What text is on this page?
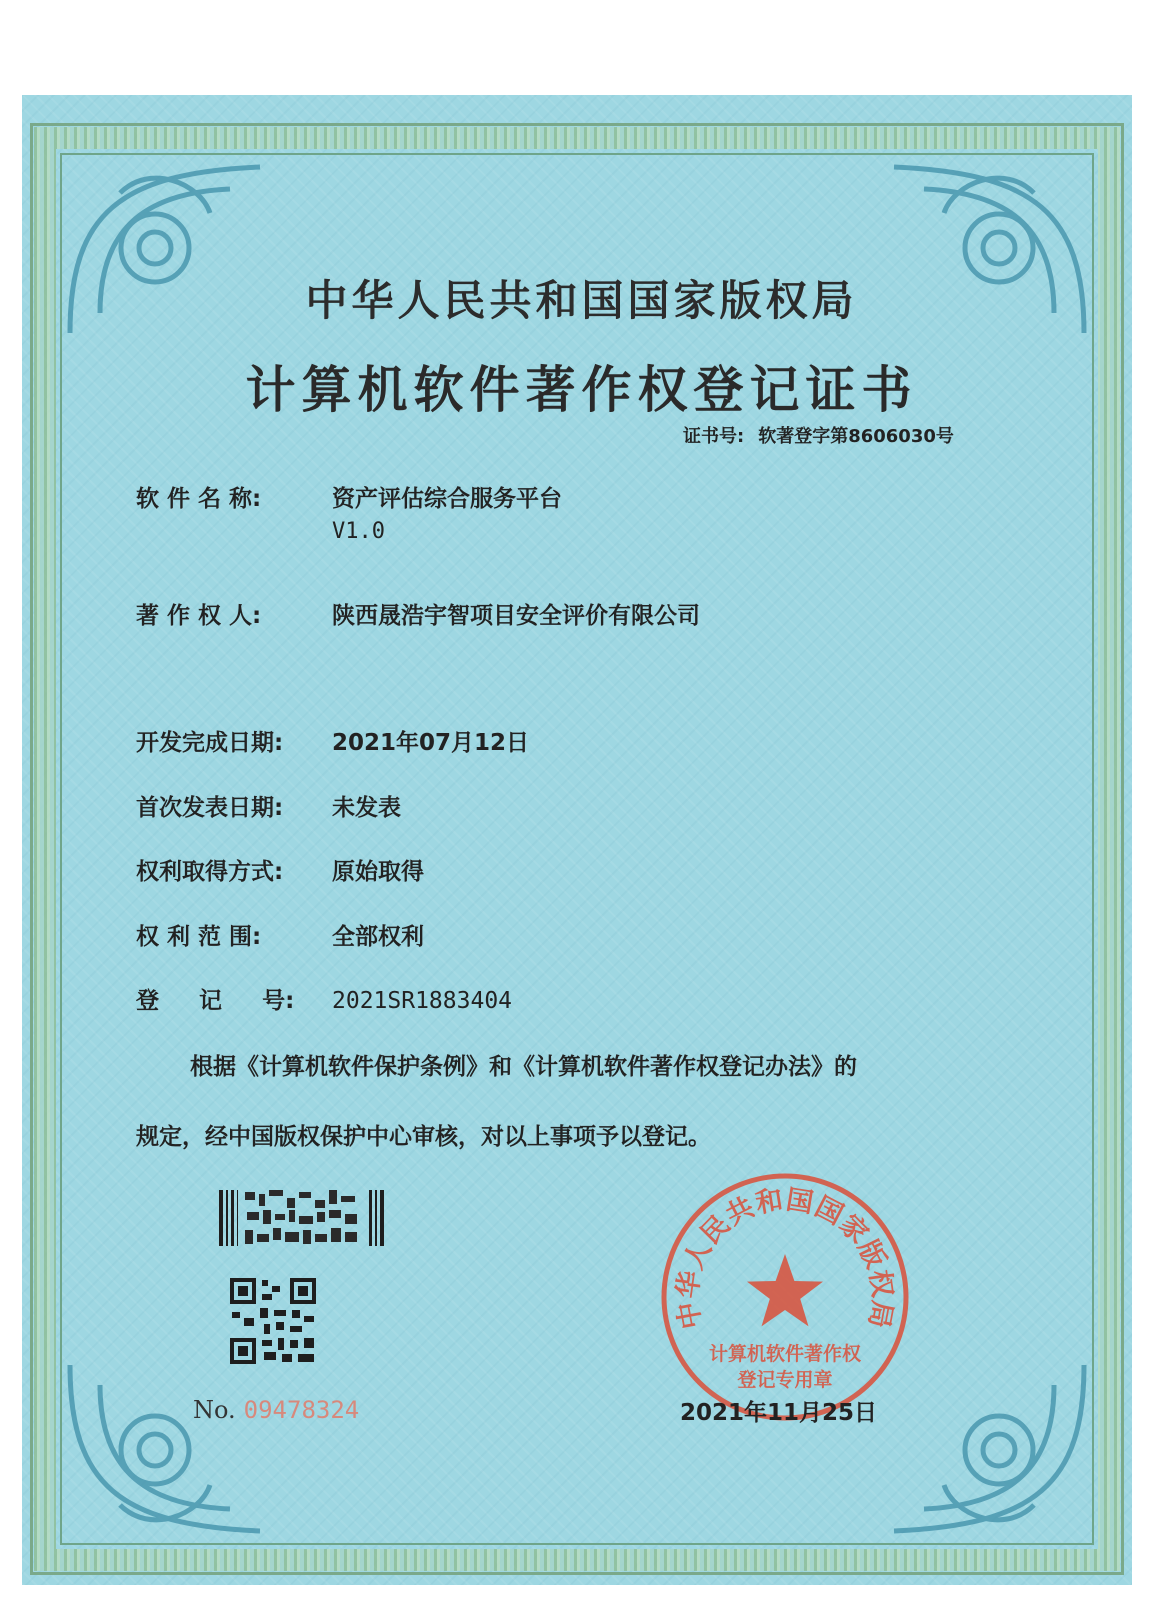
中华人民共和国国家版权局
计算机软件著作权登记证书
证书号: 软著登字第8606030号
软 件 名 称:	资产评估综合服务平台
V1.0
著 作 权 人:	陕西晟浩宇智项目安全评价有限公司
开发完成日期: 2021年07月12日
首次发表日期: 未发表
权利取得方式: 原始取得
权 利 范 围:	全部权利
登     记     号: 2021SR1883404
根据《计算机软件保护条例》和《计算机软件著作权登记办法》的
规定，经中国版权保护中心审核，对以上事项予以登记。
No. 09478324
中华人民共和国国家版权局
计算机软件著作权
登记专用章
2021年11月25日
